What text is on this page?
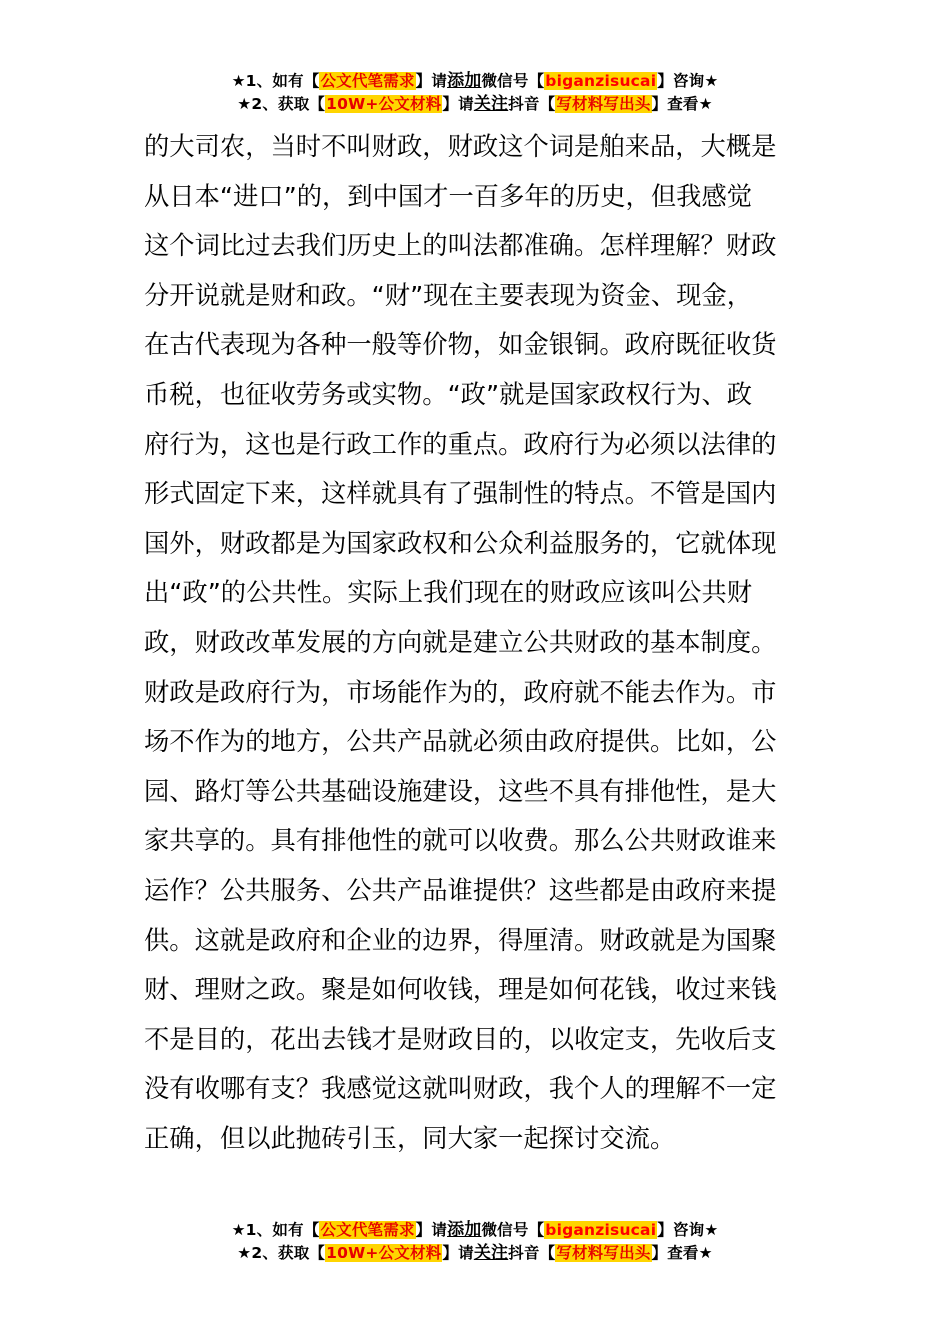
★1、如有【公文代笔需求】请添加微信号【biganzisucai】咨询★
★2、获取【10W+公文材料】请关注抖音【写材料写出头】查看★
的大司农，当时不叫财政，财政这个词是舶来品，大概是
从日本“进口”的，到中国才一百多年的历史，但我感觉
这个词比过去我们历史上的叫法都准确。怎样理解？财政
分开说就是财和政。“财”现在主要表现为资金、现金，
在古代表现为各种一般等价物，如金银铜。政府既征收货
币税，也征收劳务或实物。“政”就是国家政权行为、政
府行为，这也是行政工作的重点。政府行为必须以法律的
形式固定下来，这样就具有了强制性的特点。不管是国内
国外，财政都是为国家政权和公众利益服务的，它就体现
出“政”的公共性。实际上我们现在的财政应该叫公共财
政，财政改革发展的方向就是建立公共财政的基本制度。
财政是政府行为，市场能作为的，政府就不能去作为。市
场不作为的地方，公共产品就必须由政府提供。比如，公
园、路灯等公共基础设施建设，这些不具有排他性，是大
家共享的。具有排他性的就可以收费。那么公共财政谁来
运作？公共服务、公共产品谁提供？这些都是由政府来提
供。这就是政府和企业的边界，得厘清。财政就是为国聚
财、理财之政。聚是如何收钱，理是如何花钱，收过来钱
不是目的，花出去钱才是财政目的，以收定支，先收后支
没有收哪有支？我感觉这就叫财政，我个人的理解不一定
正确，但以此抛砖引玉，同大家一起探讨交流。
★1、如有【公文代笔需求】请添加微信号【biganzisucai】咨询★
★2、获取【10W+公文材料】请关注抖音【写材料写出头】查看★
